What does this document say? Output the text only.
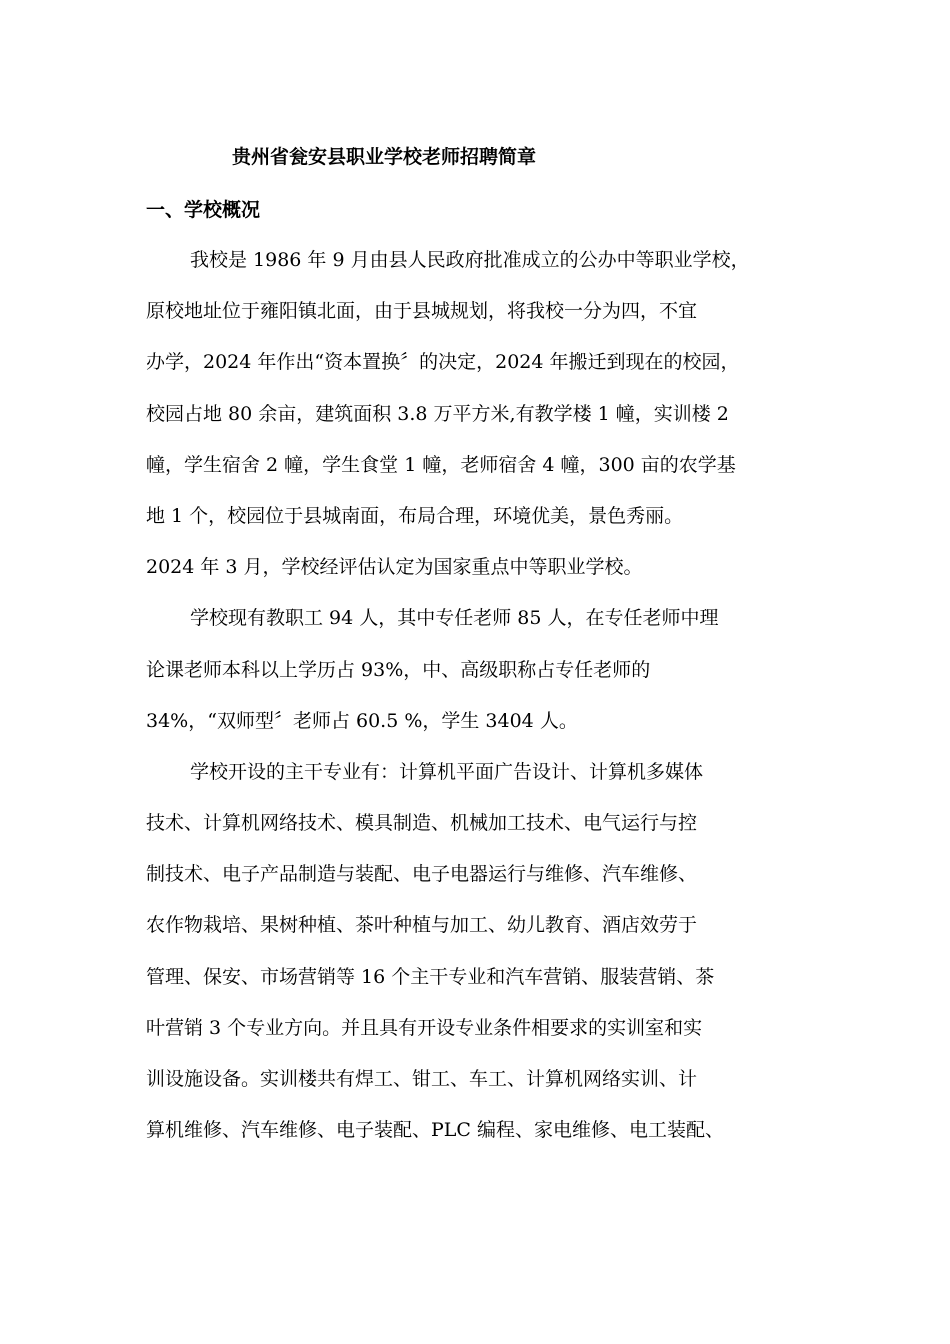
贵州省瓮安县职业学校老师招聘简章
一、学校概况
我校是 1986 年 9 月由县人民政府批准成立的公办中等职业学校，
原校地址位于雍阳镇北面，由于县城规划，将我校一分为四，不宜
办学，2024 年作出“资本置换〞的决定，2024 年搬迁到现在的校园，
校园占地 80 余亩，建筑面积 3.8 万平方米,有教学楼 1 幢，实训楼 2
幢，学生宿舍 2 幢，学生食堂 1 幢，老师宿舍 4 幢，300 亩的农学基
地 1 个，校园位于县城南面，布局合理，环境优美，景色秀丽。
2024 年 3 月，学校经评估认定为国家重点中等职业学校。
学校现有教职工 94 人，其中专任老师 85 人，在专任老师中理
论课老师本科以上学历占 93%，中、高级职称占专任老师的
34%，“双师型〞老师占 60.5 %，学生 3404 人。
学校开设的主干专业有：计算机平面广告设计、计算机多媒体
技术、计算机网络技术、模具制造、机械加工技术、电气运行与控
制技术、电子产品制造与装配、电子电器运行与维修、汽车维修、
农作物栽培、果树种植、茶叶种植与加工、幼儿教育、酒店效劳于
管理、保安、市场营销等 16 个主干专业和汽车营销、服装营销、茶
叶营销 3 个专业方向。并且具有开设专业条件相要求的实训室和实
训设施设备。实训楼共有焊工、钳工、车工、计算机网络实训、计
算机维修、汽车维修、电子装配、PLC 编程、家电维修、电工装配、
